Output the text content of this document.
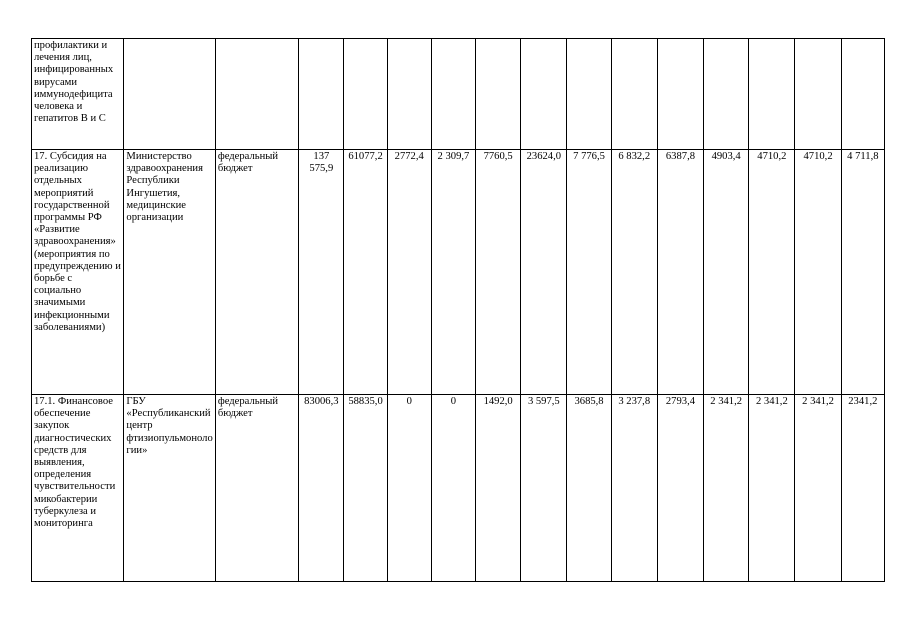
профилактики и лечения лиц, инфицированных вирусами иммунодефицита человека и гепатитов В и С															
17. Субсидия на реализацию отдельных мероприятий государственной программы РФ «Развитие здравоохранения» (мероприятия по предупреждению и борьбе с социально значимыми инфекционными заболеваниями)	Министерство здравоохранения Республики Ингушетия, медицинские организации	федеральный бюджет	137 575,9	61077,2	2772,4	2 309,7	7760,5	23624,0	7 776,5	6 832,2	6387,8	4903,4	4710,2	4710,2	4 711,8
17.1. Финансовое обеспечение закупок диагностических средств для выявления, определения чувствительности микобактерии туберкулеза и мониторинга	ГБУ «Республиканский центр фтизиопульмонологии»	федеральный бюджет	83006,3	58835,0	0	0	1492,0	3 597,5	3685,8	3 237,8	2793,4	2 341,2	2 341,2	2 341,2	2341,2
